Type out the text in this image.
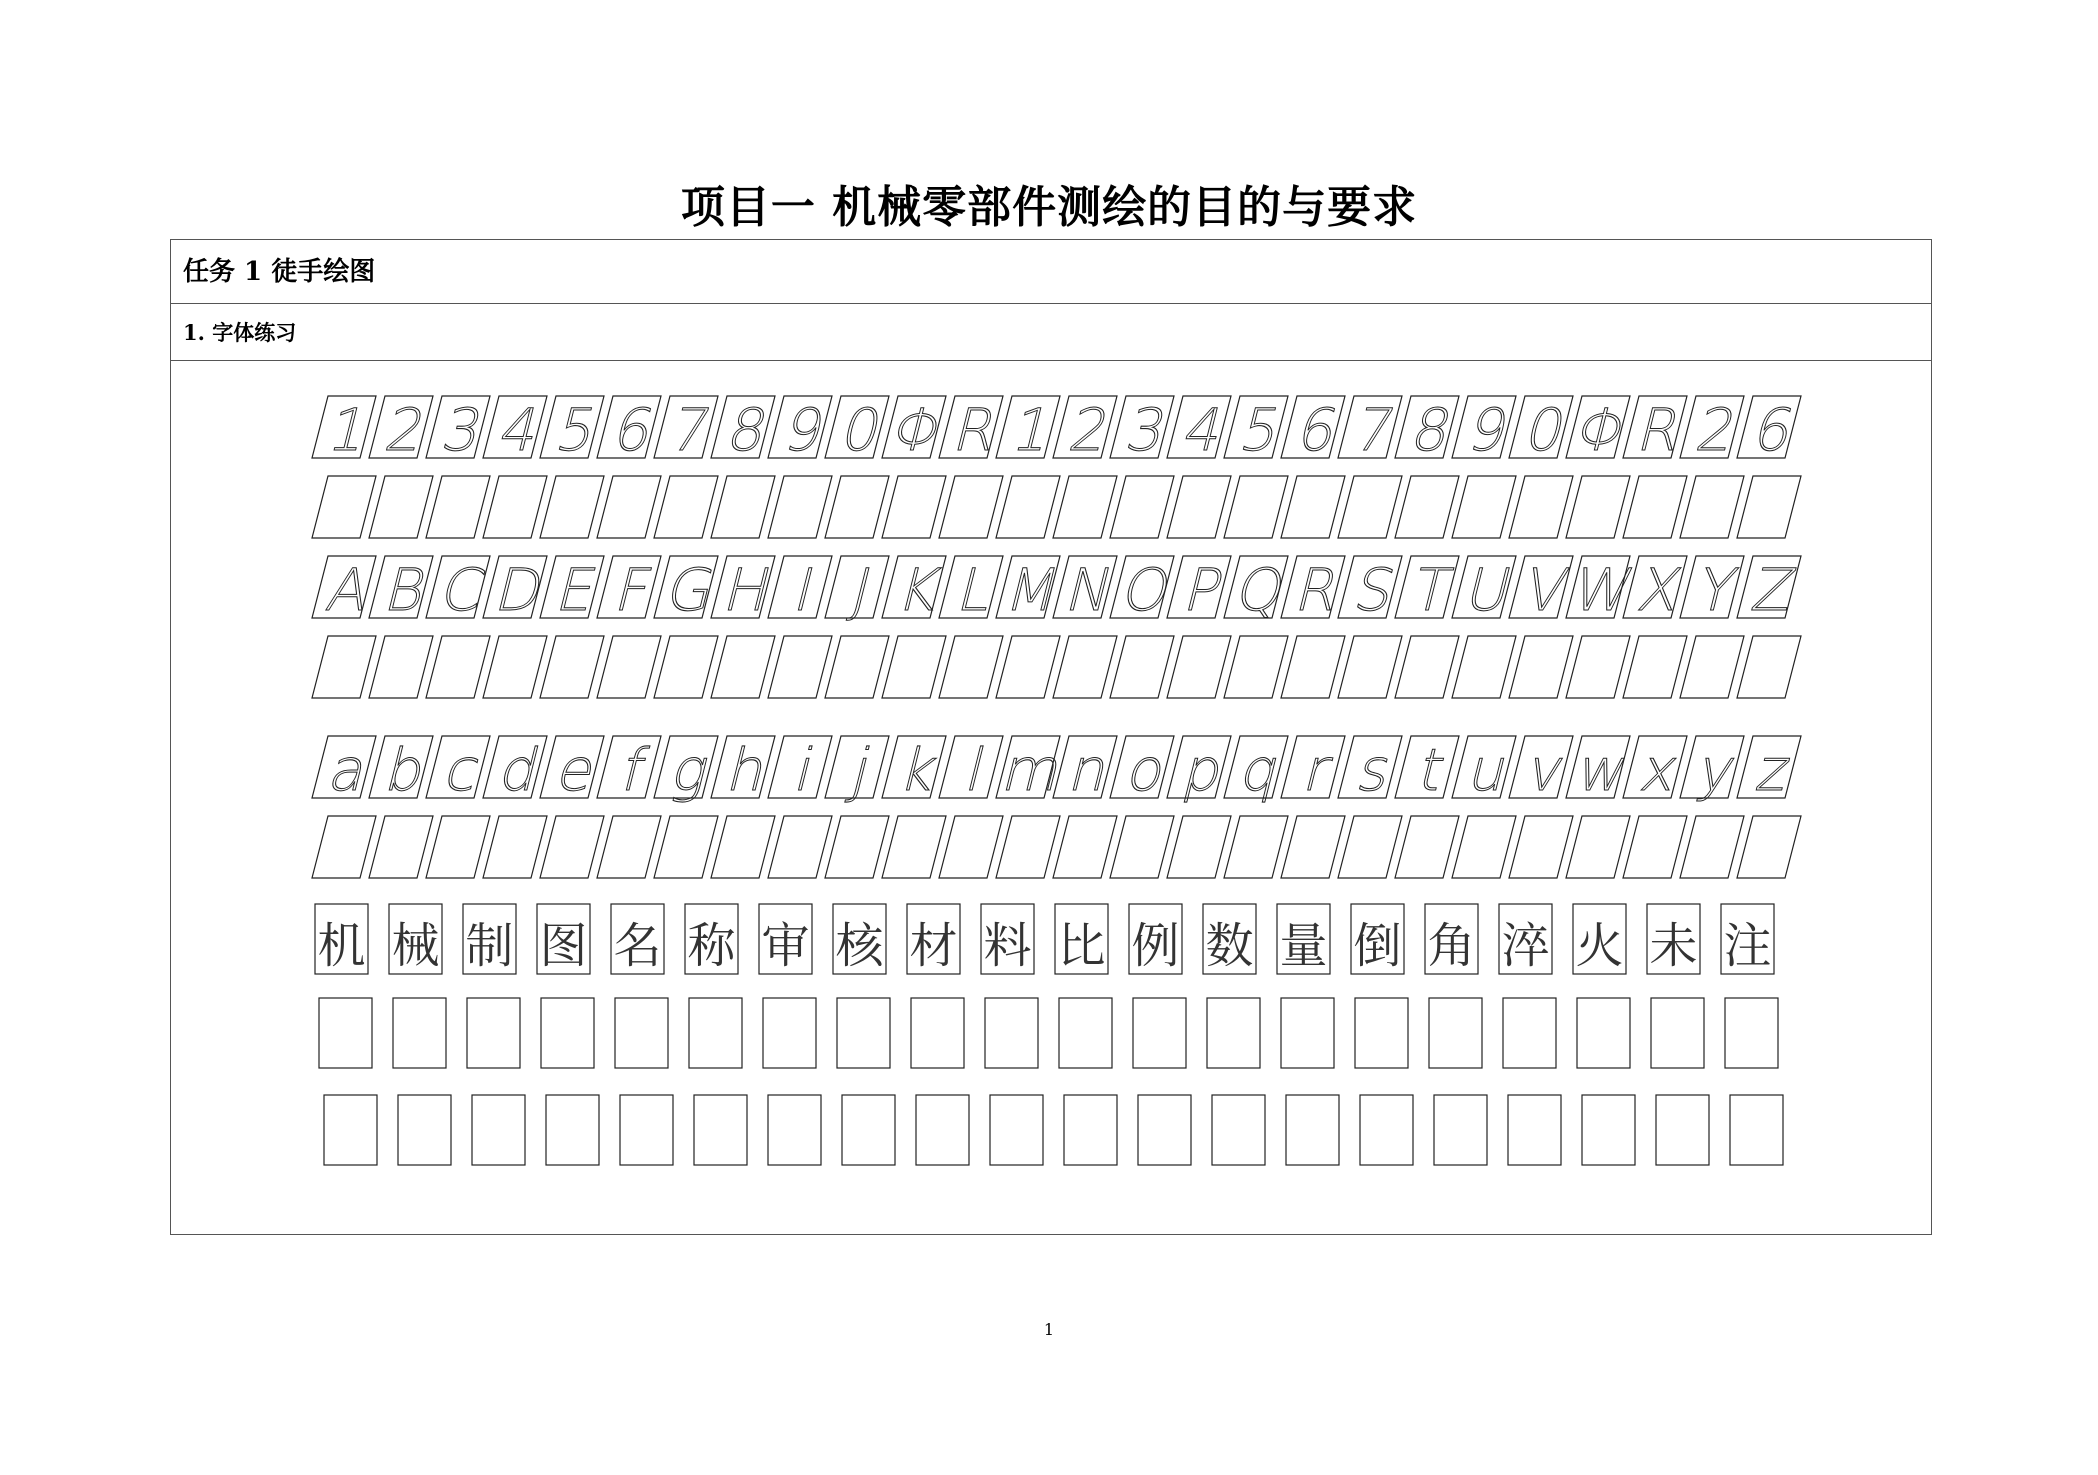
项目一 机械零部件测绘的目的与要求
任务 1 徒手绘图
1. 字体练习
1 2 3 4 5 6 7 8 9 0
Φ
R 1 2 3 4 5 6 7 8 9 0
Φ
R 2 6
A B C
D E F G
H I J K L
M
N
O P Q
R S T U V
W
X Y Z
a b c d e f g h i j k l m
n o p q r s t u v w x y z
机 械 制 图 名 称 审 核 材 料 比 例 数 量 倒 角 淬 火 未 注
1
